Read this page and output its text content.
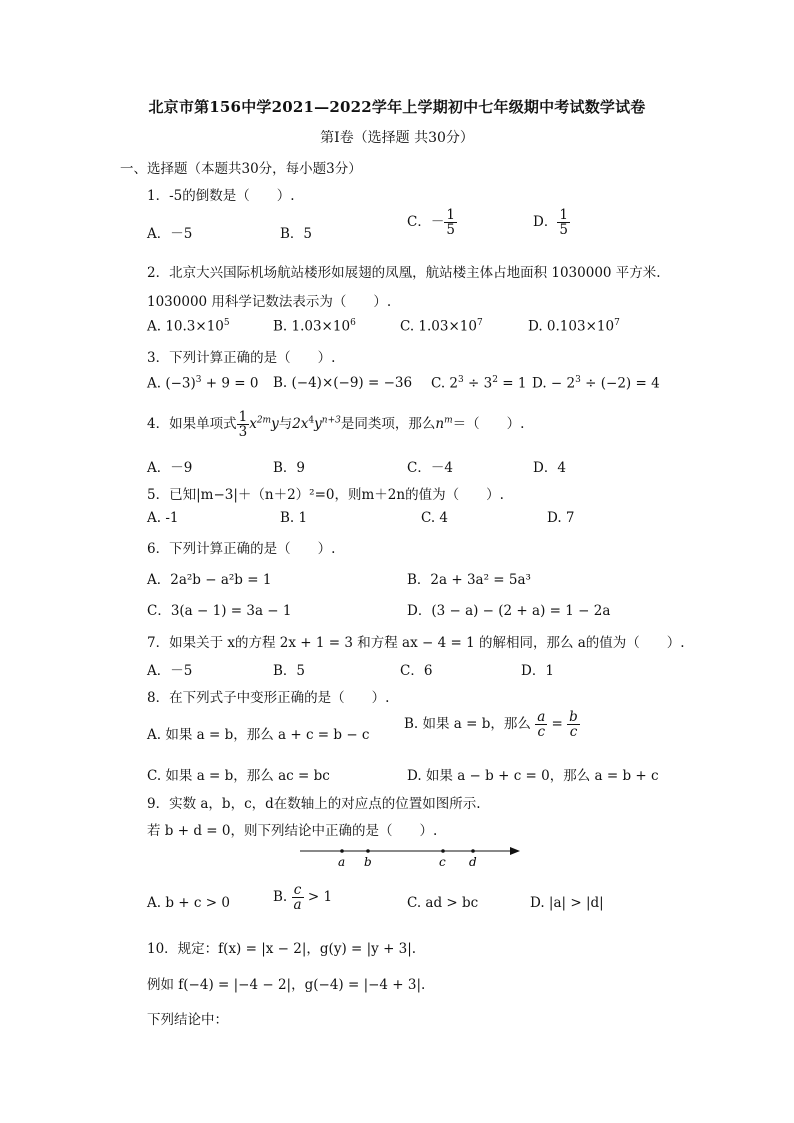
北京市第156中学2021—2022学年上学期初中七年级期中考试数学试卷
第Ⅰ卷（选择题 共30分）
一、选择题（本题共30分，每小题3分）
1．-5的倒数是（　　）.
A．－5	B．5
C．－ $\frac{1}{5}$	D． $\frac{1}{5}$
2．北京大兴国际机场航站楼形如展翅的凤凰，航站楼主体占地面积 1030000 平方米.
1030000 用科学记数法表示为（　　）.
A. $10.3\times 10^5$	B. $1.03\times 10^6$	C. $1.03\times 10^7$	D. $0.103\times 10^7$
3．下列计算正确的是（　　）.
A. $(-3)^3 + 9 = 0$ B. (−4)×(−9) = −36 C. $2^3 \div 3^2 = 1$ D. − $2^3 \div (-2) = 4$
4．如果单项式 $\frac{1}{3} x^{2m}y$与$2x^4y^{n+3}$是同类项，那么$n^m=$（　　）.
A．－9	B．9	C．－4	D．4
5．已知|m−3|＋（n＋2）²=0，则m＋2n的值为（　　）.
A. -1	B. 1	C. 4	D. 7
6．下列计算正确的是（　　）.
A．2a²b − a²b = 1	B．2a + 3a² = 5a³
C．3(a − 1) = 3a − 1	D．(3 − a) − (2 + a) = 1 − 2a
7．如果关于 x的方程 2x + 1 = 3 和方程 ax − 4 = 1 的解相同，那么 a的值为（　　）.
A．－5	B．5	C．6	D．1
8．在下列式子中变形正确的是（　　）.
A. 如果 a = b，那么 a + c = b − c
B. 如果 a = b，那么 $\frac{a}{c} = \frac{b}{c}$
C. 如果 a = b，那么 ac = bc	D. 如果 a − b + c = 0，那么 a = b + c
9．实数 a，b，c，d在数轴上的对应点的位置如图所示.
若 b + d = 0，则下列结论中正确的是（　　）.
a b	c d
A. b + c > 0	B. $\frac{c}{a} > 1$	C. ad > bc	D. |a| > |d|
10．规定：f(x) = |x − 2|，g(y) = |y + 3|.
例如 f(−4) = |−4 − 2|，g(−4) = |−4 + 3|.
下列结论中：
